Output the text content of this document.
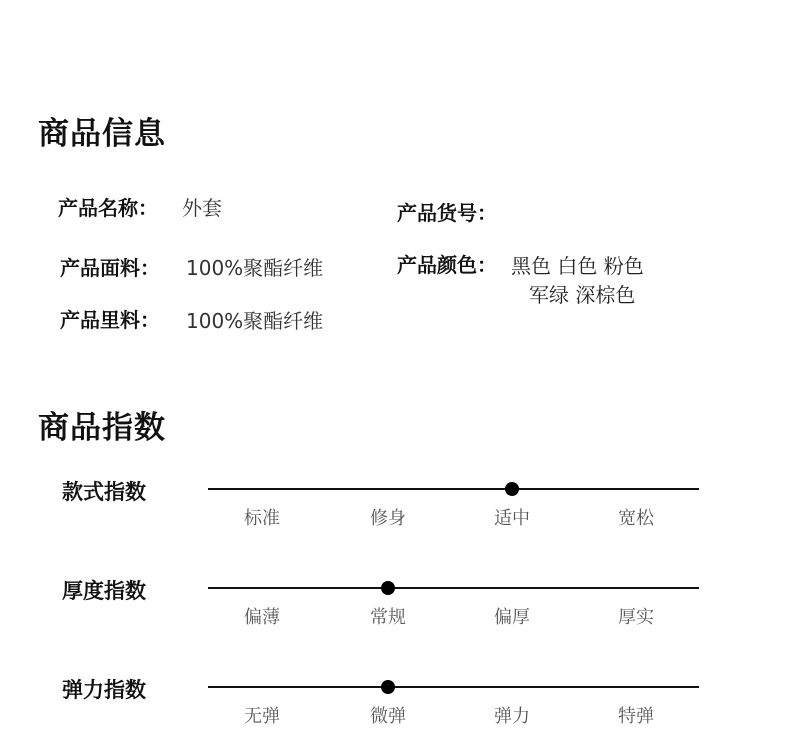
商品信息
产品名称： 外套	产品货号：
产品面料： 100%聚酯纤维	产品颜色： 黑色 白色 粉色
军绿 深棕色
产品里料： 100%聚酯纤维
商品指数
款式指数
标准	修身	适中	宽松
厚度指数
偏薄	常规	偏厚	厚实
弹力指数
无弹	微弹	弹力	特弹
